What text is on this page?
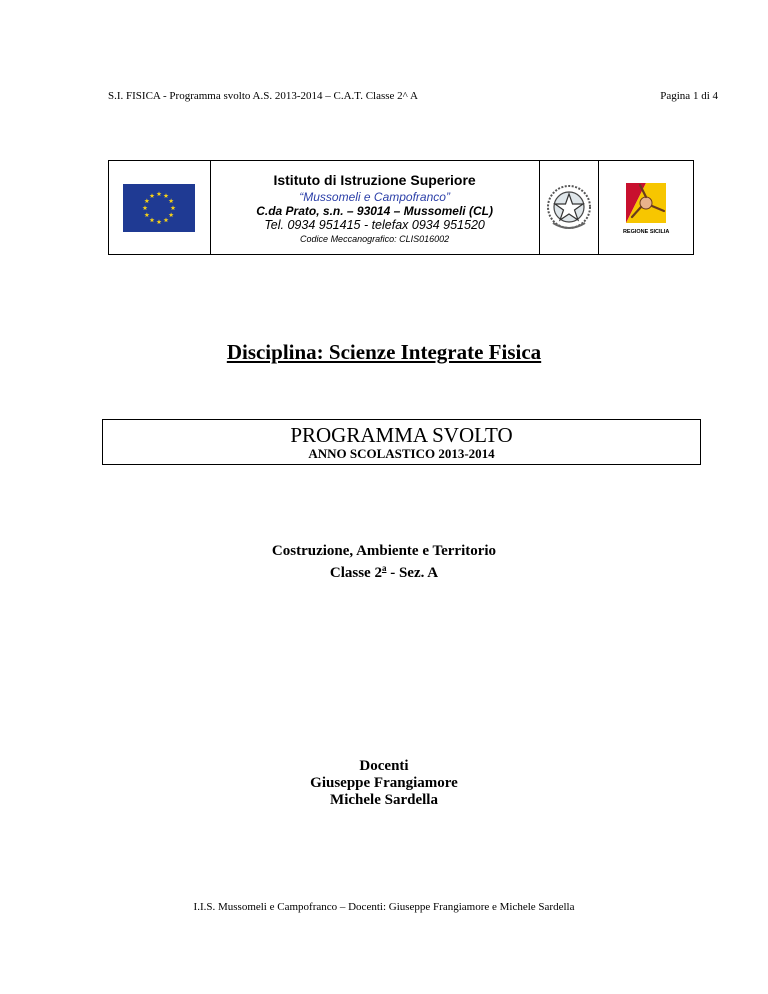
S.I. FISICA - Programma svolto A.S. 2013-2014 – C.A.T. Classe 2^ A	Pagina 1 di 4
Istituto di Istruzione Superiore
“Mussomeli e Campofranco”
C.da Prato, s.n. – 93014 – Mussomeli (CL)
Tel. 0934 951415 - telefax 0934 951520
Codice Meccanografico: CLIS016002
REGIONE SICILIA
Disciplina: Scienze Integrate Fisica
PROGRAMMA SVOLTO
ANNO SCOLASTICO 2013-2014
Costruzione, Ambiente e Territorio
Classe 2$^a$ - Sez. A
Docenti
Giuseppe Frangiamore
Michele Sardella
I.I.S. Mussomeli e Campofranco – Docenti: Giuseppe Frangiamore e Michele Sardella
